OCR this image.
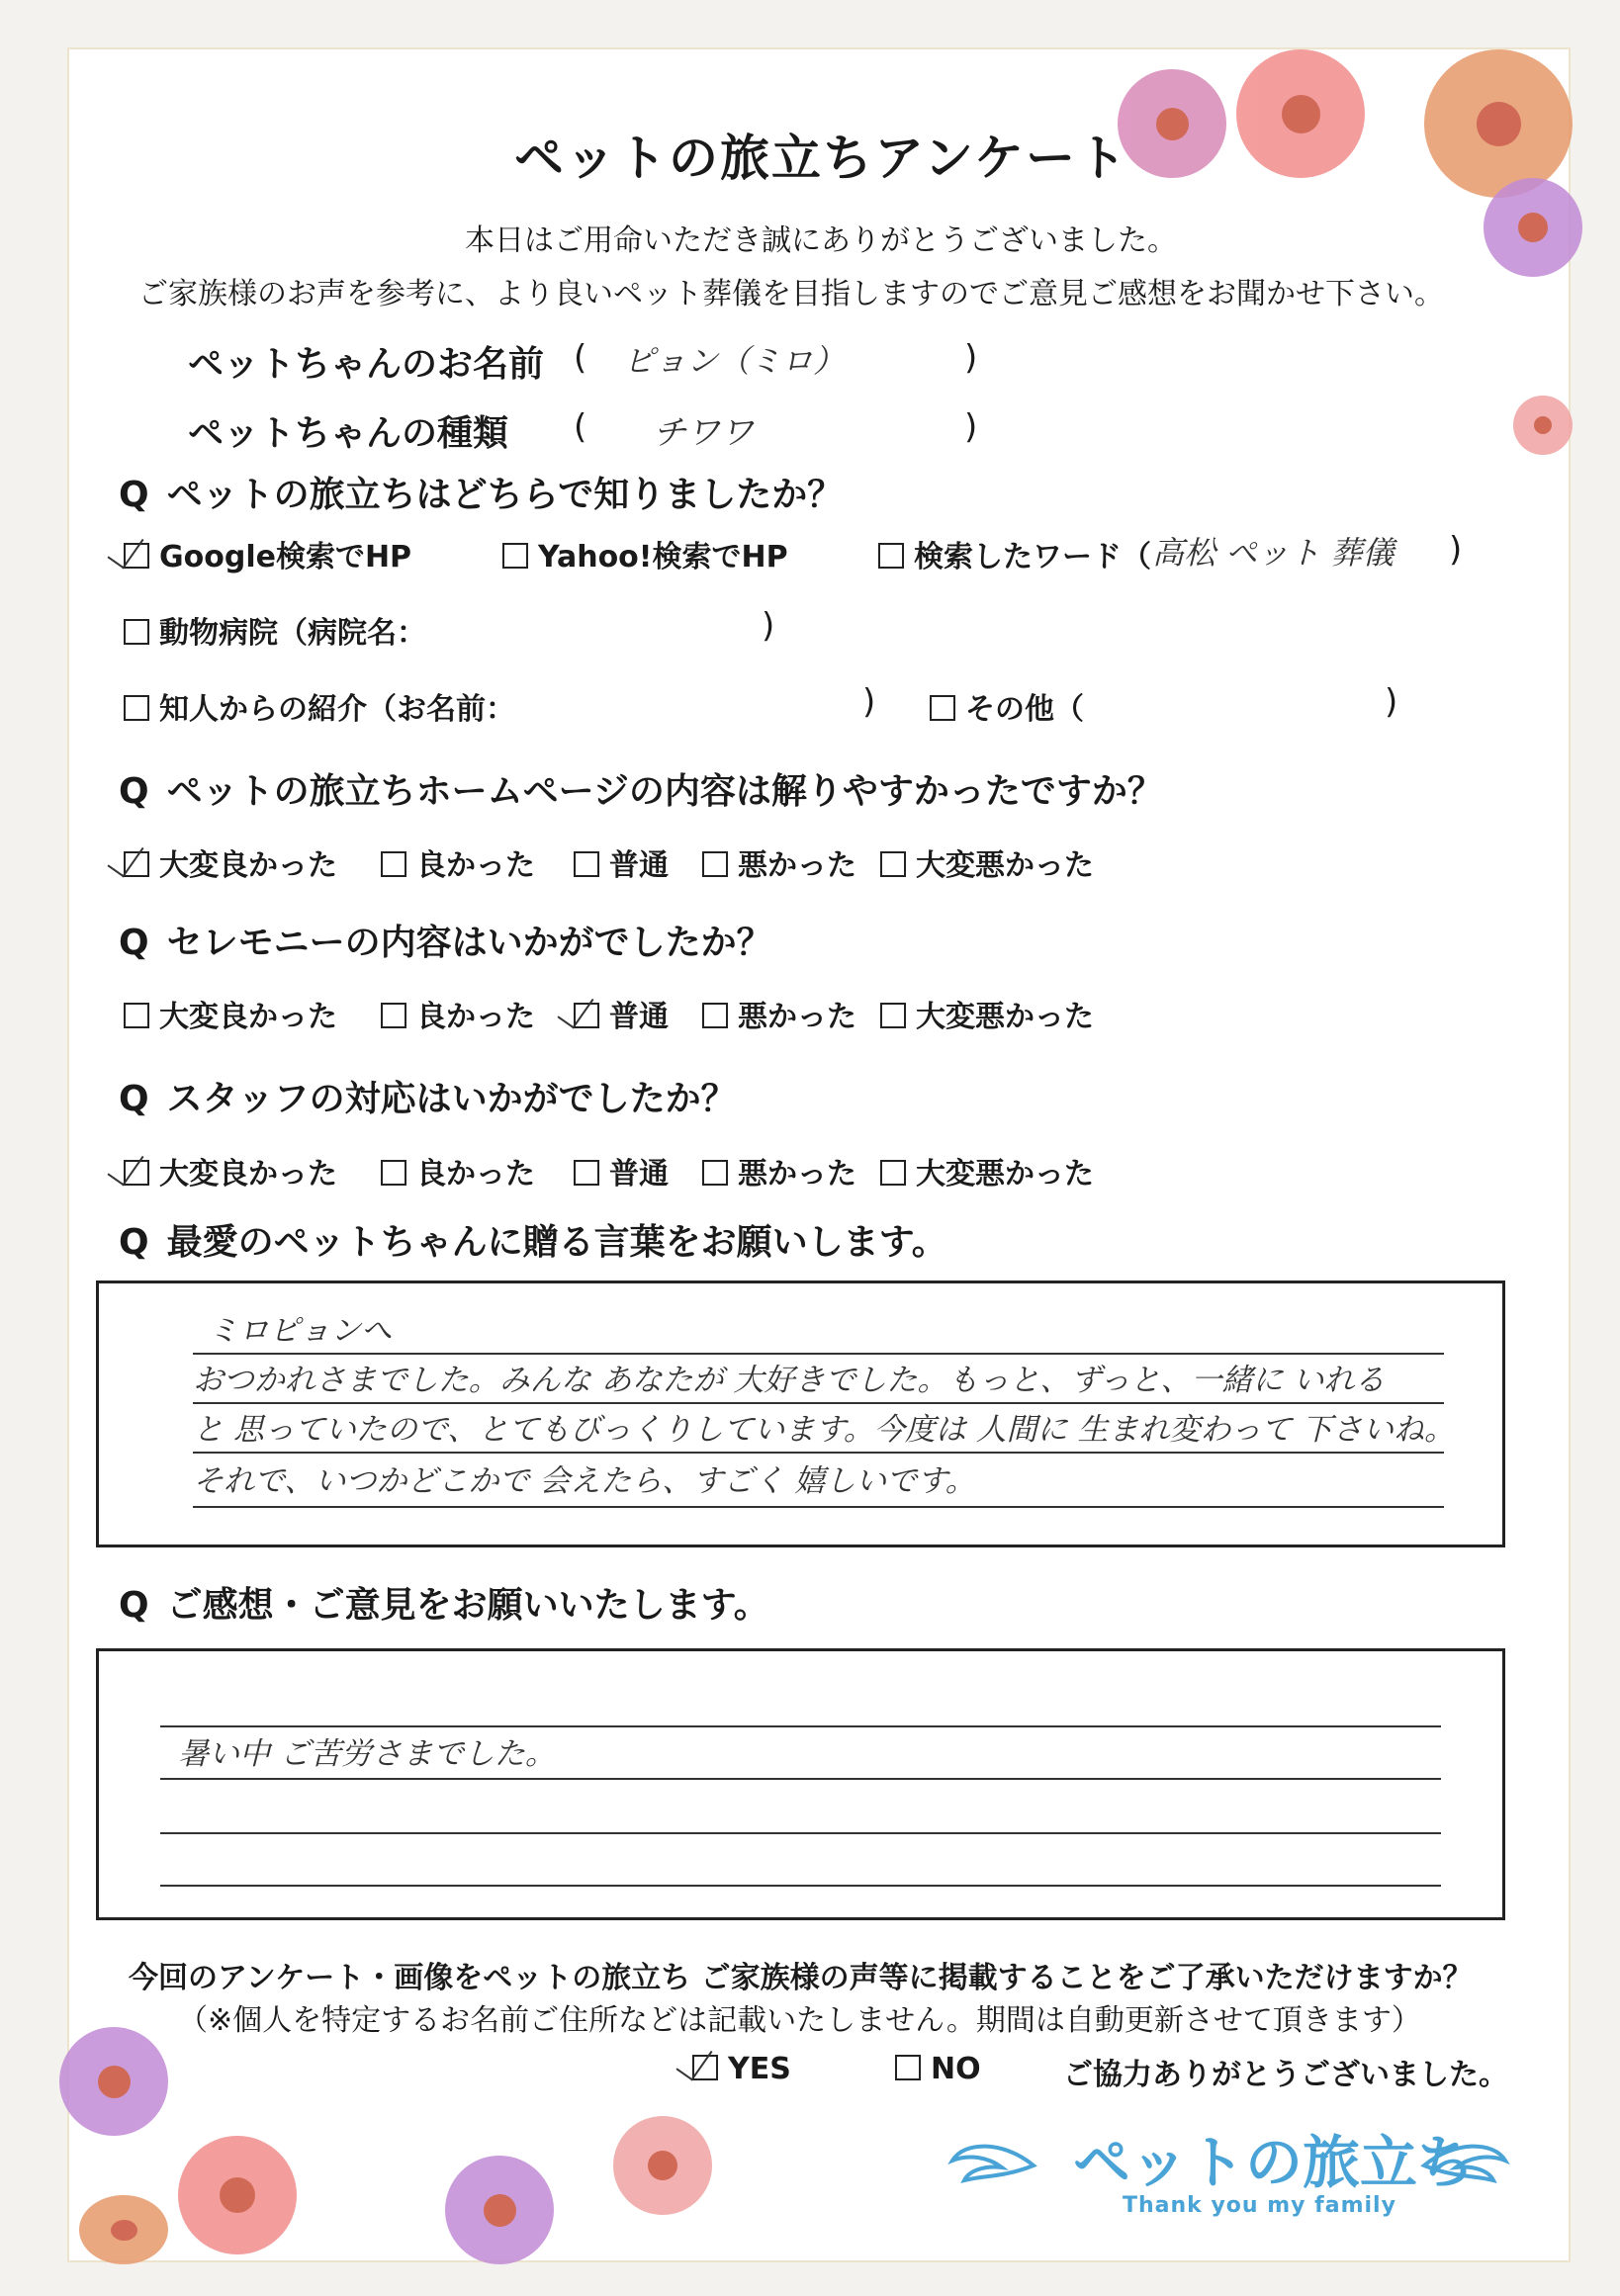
ペットの旅立ちアンケート
本日はご用命いただき誠にありがとうございました。
ご家族様のお声を参考に、より良いペット葬儀を目指しますのでご意見ご感想をお聞かせ下さい。
ペットちゃんのお名前 ( ピョン（ミロ）	)
ペットちゃんの種類 ( チワワ	)
Q ペットの旅立ちはどちらで知りましたか？
Google検索でHP	Yahoo!検索でHP	検索したワード（ 高松 ペット 葬儀 )
動物病院（病院名：	)
知人からの紹介（お名前：	)	その他（	)
Q ペットの旅立ちホームページの内容は解りやすかったですか？
大変良かった	良かった	普通	悪かった	大変悪かった
Q セレモニーの内容はいかがでしたか？
大変良かった	良かった	普通	悪かった	大変悪かった
Q スタッフの対応はいかがでしたか？
大変良かった	良かった	普通	悪かった	大変悪かった
Q 最愛のペットちゃんに贈る言葉をお願いします。
ミロピョンへ
おつかれさまでした。みんな あなたが 大好きでした。もっと、ずっと、一緒に いれる
と 思っていたので、とてもびっくりしています。今度は 人間に 生まれ変わって 下さいね。
それで、いつかどこかで 会えたら、すごく 嬉しいです。
Q ご感想・ご意見をお願いいたします。
暑い中 ご苦労さまでした。
今回のアンケート・画像をペットの旅立ち ご家族様の声等に掲載することをご了承いただけますか？
（※個人を特定するお名前ご住所などは記載いたしません。期間は自動更新させて頂きます）
YES	NO	ご協力ありがとうございました。
ペットの旅立ち
Thank you my family
